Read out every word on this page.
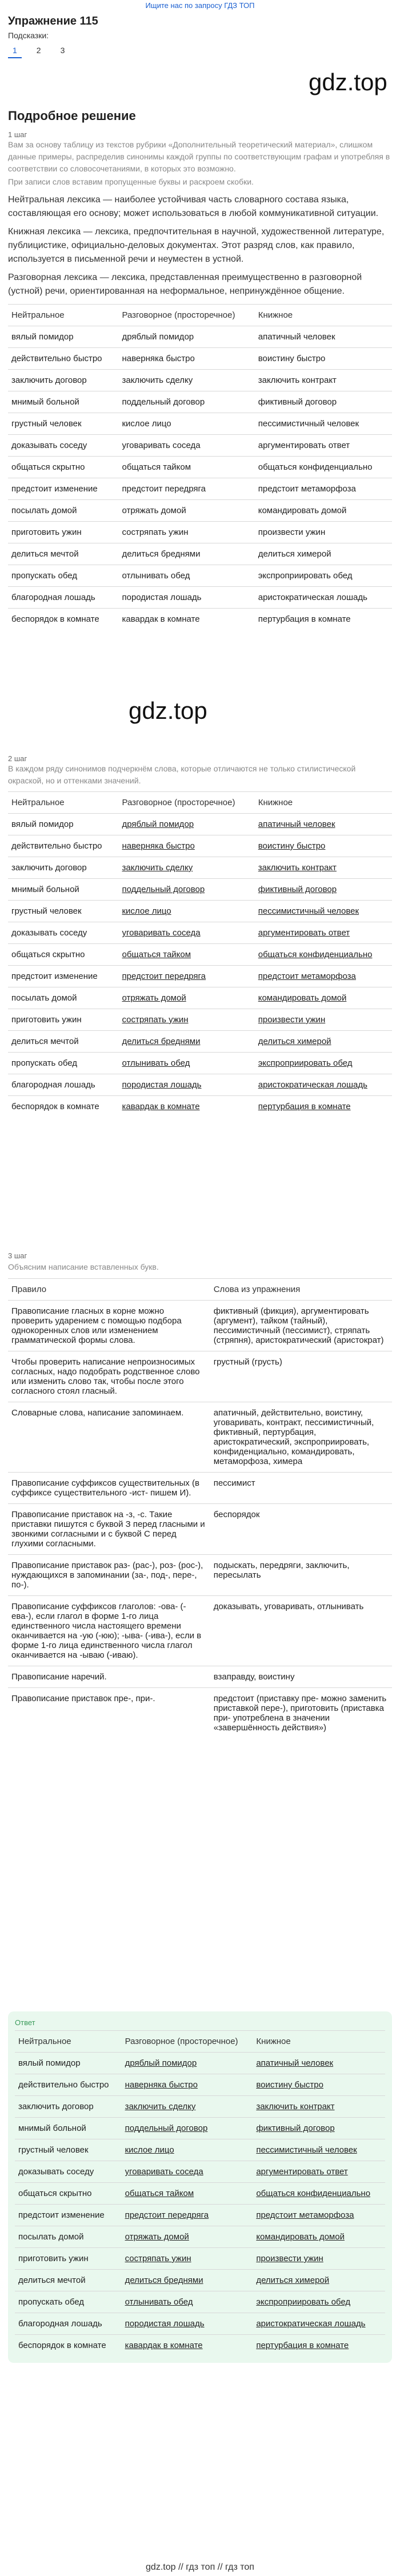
Ищите нас по запросу ГДЗ ТОП
Упражнение 115
Подсказки:
1	2	3
gdz.top
Подробное решение
1 шаг
Вам за основу таблицу из текстов рубрики «Дополнительный теоретический материал», слишком данные примеры, распределив синонимы каждой группы по соответствующим графам и употребляя в соответствии со словосочетаниями, в которых это возможно.
При записи слов вставим пропущенные буквы и раскроем скобки.
Нейтральная лексика — наиболее устойчивая часть словарного состава языка, составляющая его основу; может использоваться в любой коммуникативной ситуации.
Книжная лексика — лексика, предпочтительная в научной, художественной литературе, публицистике, официально-деловых документах. Этот разряд слов, как правило, используется в письменной речи и неуместен в устной.
Разговорная лексика — лексика, представленная преимущественно в разговорной (устной) речи, ориентированная на неформальное, непринуждённое общение.
Нейтральное	Разговорное (просторечное)	Книжное
вялый помидор	дряблый помидор	апатичный человек
действительно быстро	наверняка быстро	воистину быстро
заключить договор	заключить сделку	заключить контракт
мнимый больной	поддельный договор	фиктивный договор
грустный человек	кислое лицо	пессимистичный человек
доказывать соседу	уговаривать соседа	аргументировать ответ
общаться скрытно	общаться тайком	общаться конфиденциально
предстоит изменение	предстоит передряга	предстоит метаморфоза
посылать домой	отряжать домой	командировать домой
приготовить ужин	состряпать ужин	произвести ужин
делиться мечтой	делиться бреднями	делиться химерой
пропускать обед	отлынивать обед	экспроприировать обед
благородная лошадь	породистая лошадь	аристократическая лошадь
беспорядок в комнате	кавардак в комнате	пертурбация в комнате
gdz.top
2 шаг
В каждом ряду синонимов подчеркнём слова, которые отличаются не только стилистической окраской, но и оттенками значений.
Нейтральное	Разговорное (просторечное)	Книжное
вялый помидор	дряблый помидор	апатичный человек
действительно быстро	наверняка быстро	воистину быстро
заключить договор	заключить сделку	заключить контракт
мнимый больной	поддельный договор	фиктивный договор
грустный человек	кислое лицо	пессимистичный человек
доказывать соседу	уговаривать соседа	аргументировать ответ
общаться скрытно	общаться тайком	общаться конфиденциально
предстоит изменение	предстоит передряга	предстоит метаморфоза
посылать домой	отряжать домой	командировать домой
приготовить ужин	состряпать ужин	произвести ужин
делиться мечтой	делиться бреднями	делиться химерой
пропускать обед	отлынивать обед	экспроприировать обед
благородная лошадь	породистая лошадь	аристократическая лошадь
беспорядок в комнате	кавардак в комнате	пертурбация в комнате
3 шаг
Объясним написание вставленных букв.
Правило	Слова из упражнения
Правописание гласных в корне можно проверить ударением с помощью подбора однокоренных слов или изменением грамматической формы слова.	фиктивный (фикция), аргументировать (аргумент), тайком (тайный), пессимистичный (пессимист), стряпать (стряпня), аристократический (аристократ)
Чтобы проверить написание непроизносимых согласных, надо подобрать родственное слово или изменить слово так, чтобы после этого согласного стоял гласный.	грустный (грусть)
Словарные слова, написание запоминаем.	апатичный, действительно, воистину, уговаривать, контракт, пессимистичный, фиктивный, пертурбация, аристократический, экспроприировать, конфиденциально, командировать, метаморфоза, химера
Правописание суффиксов существительных (в суффиксе существительного -ист- пишем И).	пессимист
Правописание приставок на -з, -с. Такие приставки пишутся с буквой З перед гласными и звонкими согласными и с буквой С перед глухими согласными.	беспорядок
Правописание приставок раз- (рас-), роз- (рос-), нуждающихся в запоминании (за-, под-, пере-, по-).	подыскать, передряги, заключить, пересылать
Правописание суффиксов глаголов: -ова- (-ева-), если глагол в форме 1-го лица единственного числа настоящего времени оканчивается на -ую (-юю); -ыва- (-ива-), если в форме 1-го лица единственного числа глагол оканчивается на -ываю (-иваю).	доказывать, уговаривать, отлынивать
Правописание наречий.	взаправду, воистину
Правописание приставок пре-, при-.	предстоит (приставку пре- можно заменить приставкой пере-), приготовить (приставка при- употреблена в значении «завершённость действия»)
Ответ
Нейтральное	Разговорное (просторечное)	Книжное
вялый помидор	дряблый помидор	апатичный человек
действительно быстро	наверняка быстро	воистину быстро
заключить договор	заключить сделку	заключить контракт
мнимый больной	поддельный договор	фиктивный договор
грустный человек	кислое лицо	пессимистичный человек
доказывать соседу	уговаривать соседа	аргументировать ответ
общаться скрытно	общаться тайком	общаться конфиденциально
предстоит изменение	предстоит передряга	предстоит метаморфоза
посылать домой	отряжать домой	командировать домой
приготовить ужин	состряпать ужин	произвести ужин
делиться мечтой	делиться бреднями	делиться химерой
пропускать обед	отлынивать обед	экспроприировать обед
благородная лошадь	породистая лошадь	аристократическая лошадь
беспорядок в комнате	кавардак в комнате	пертурбация в комнате
gdz.top // гдз топ // гдз топ
